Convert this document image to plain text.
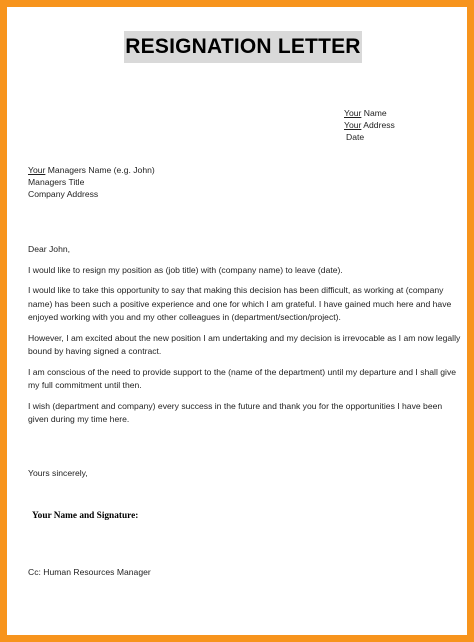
RESIGNATION LETTER
Your Name
Your Address
Date
Your Managers Name (e.g. John)
Managers Title
Company Address

Dear John,

I would like to resign my position as (job title) with (company name) to leave (date).

I would like to take this opportunity to say that making this decision has been difficult, as working at (company name) has been such a positive experience and one for which I am grateful. I have gained much here and have enjoyed working with you and my other colleagues in (department/section/project).

However, I am excited about the new position I am undertaking and my decision is irrevocable as I am now legally bound by having signed a contract.

I am conscious of the need to provide support to the (name of the department) until my departure and I shall give my full commitment until then.

I wish (department and company) every success in the future and thank you for the opportunities I have been given during my time here.

Yours sincerely,
Your Name and Signature:
Cc: Human Resources Manager
